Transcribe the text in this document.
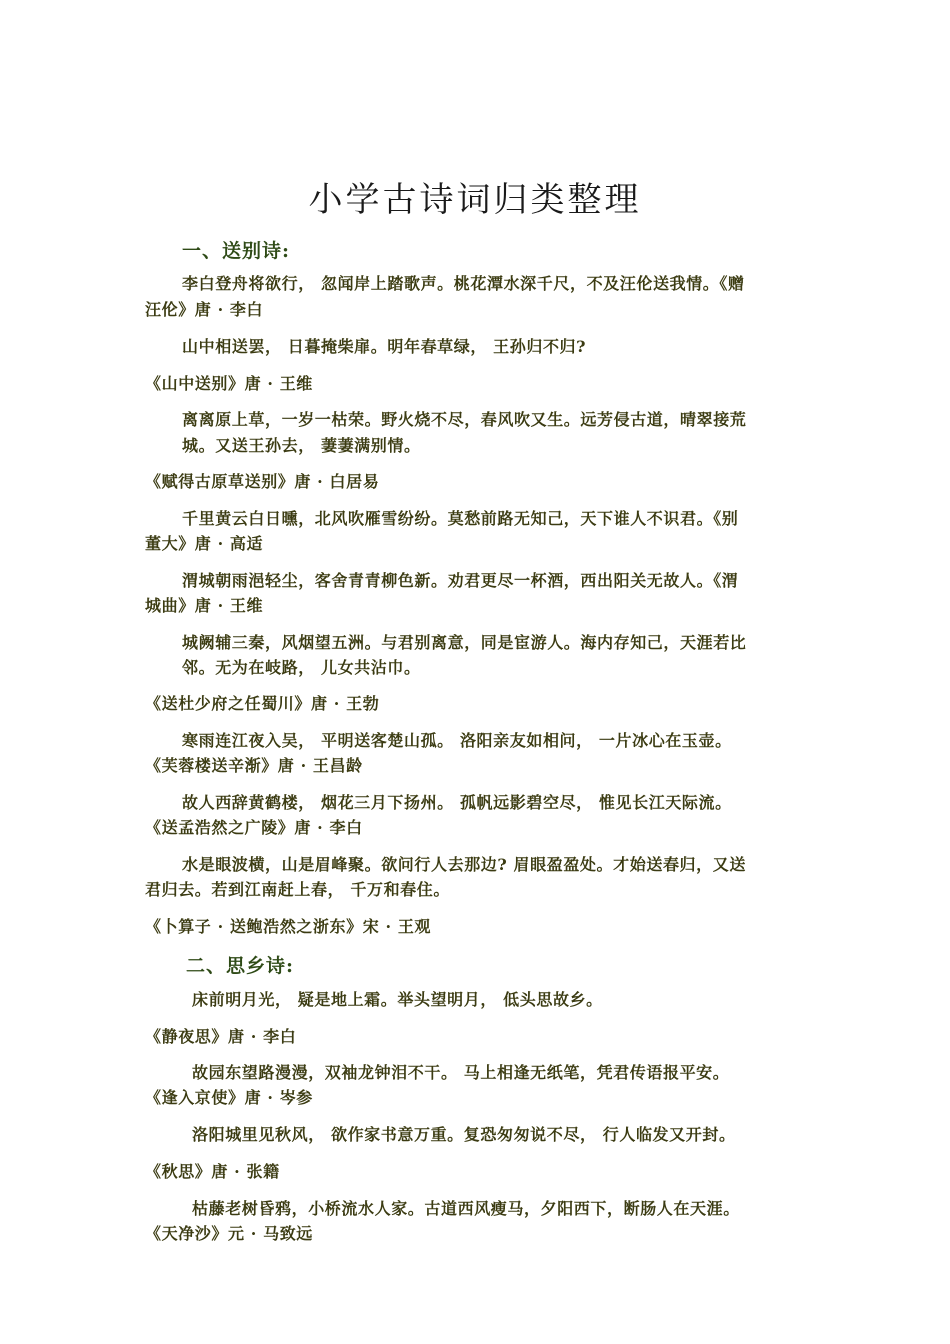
小学古诗词归类整理
一、送别诗:
李白登舟将欲行， 忽闻岸上踏歌声。桃花潭水深千尺，不及汪伦送我情。《赠
汪伦》唐 · 李白
山中相送罢， 日暮掩柴扉。明年春草绿， 王孙归不归?
《山中送别》唐 · 王维
离离原上草，一岁一枯荣。野火烧不尽，春风吹又生。远芳侵古道，晴翠接荒
城。又送王孙去， 萋萋满别情。
《赋得古原草送别》唐 · 白居易
千里黄云白日曛，北风吹雁雪纷纷。莫愁前路无知己，天下谁人不识君。《别
董大》唐 · 高适
渭城朝雨浥轻尘，客舍青青柳色新。劝君更尽一杯酒，西出阳关无故人。《渭
城曲》唐 · 王维
城阙辅三秦，风烟望五洲。与君别离意，同是宦游人。海内存知己，天涯若比
邻。无为在岐路， 儿女共沾巾。
《送杜少府之任蜀川》唐 · 王勃
寒雨连江夜入吴， 平明送客楚山孤。 洛阳亲友如相问， 一片冰心在玉壶。
《芙蓉楼送辛渐》唐 · 王昌龄
故人西辞黄鹤楼， 烟花三月下扬州。 孤帆远影碧空尽， 惟见长江天际流。
《送孟浩然之广陵》唐 · 李白
水是眼波横，山是眉峰聚。欲问行人去那边? 眉眼盈盈处。才始送春归，又送
君归去。若到江南赶上春， 千万和春住。
《卜算子 · 送鲍浩然之浙东》宋 · 王观
二、思乡诗:
床前明月光， 疑是地上霜。举头望明月， 低头思故乡。
《静夜思》唐 · 李白
故园东望路漫漫，双袖龙钟泪不干。 马上相逢无纸笔，凭君传语报平安。
《逢入京使》唐 · 岑参
洛阳城里见秋风， 欲作家书意万重。复恐匆匆说不尽， 行人临发又开封。
《秋思》唐 · 张籍
枯藤老树昏鸦，小桥流水人家。古道西风瘦马，夕阳西下，断肠人在天涯。
《天净沙》元 · 马致远
